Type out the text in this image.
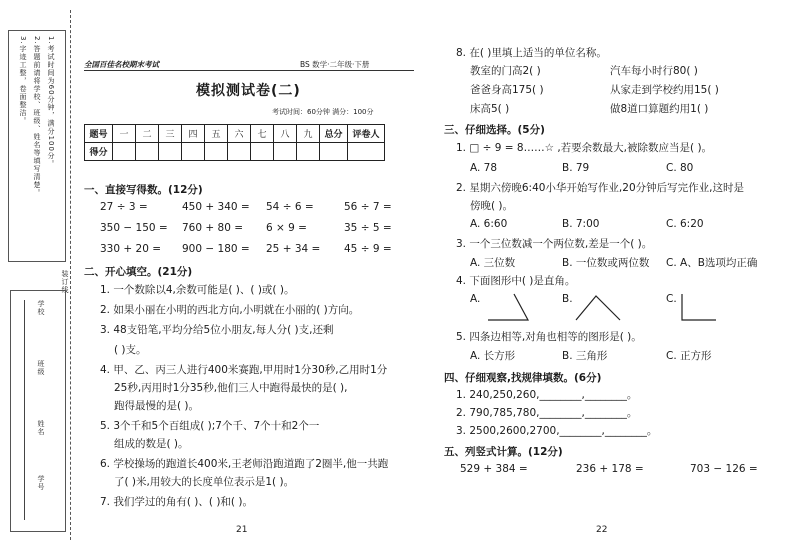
1.考试时间为60分钟，满分100分。
2.答题前请将学校、班级、姓名等填写清楚。
3.字迹工整，卷面整洁。
装订线
学校
班级
姓名
学号
全国百佳名校期末考试	BS 数学·二年级·下册
模拟测试卷(二)
考试时间：60分钟 满分：100分
题号	一	二	三	四	五	六	七	八	九	总分	评卷人
得分											
一、直接写得数。(12分)
27 ÷ 3 =	450 + 340 = 54 ÷ 6 =	56 ÷ 7 =
350 − 150 = 760 + 80 = 6 × 9 =	35 ÷ 5 =
330 + 20 = 900 − 180 = 25 + 34 = 45 ÷ 9 =
二、开心填空。(21分)
1. 一个数除以4,余数可能是( )、( )或( )。
2. 如果小丽在小明的西北方向,小明就在小丽的( )方向。
3. 48支铅笔,平均分给5位小朋友,每人分( )支,还剩
( )支。
4. 甲、乙、丙三人进行400米赛跑,甲用时1分30秒,乙用时1分
25秒,丙用时1分35秒,他们三人中跑得最快的是( ),
跑得最慢的是( )。
5. 3个千和5个百组成( );7个千、7个十和2个一
组成的数是( )。
6. 学校操场的跑道长400米,王老师沿跑道跑了2圈半,他一共跑
了( )米,用较大的长度单位表示是1( )。
7. 我们学过的角有( )、( )和( )。
21
8. 在( )里填上适当的单位名称。
教室的门高2( )	汽车每小时行80( )
爸爸身高175( )	从家走到学校约用15( )
床高5( )	做8道口算题约用1( )
三、仔细选择。(5分)
1. □ ÷ 9 = 8……☆ ,若要余数最大,被除数应当是( )。
A. 78	B. 79	C. 80
2. 星期六傍晚6:40小华开始写作业,20分钟后写完作业,这时是
傍晚( )。
A. 6:60	B. 7:00	C. 6:20
3. 一个三位数减一个两位数,差是一个( )。
A. 三位数	B. 一位数或两位数 C. A、B选项均正确
4. 下面图形中( )是直角。
A.	B.	C.
5. 四条边相等,对角也相等的图形是( )。
A. 长方形	B. 三角形	C. 正方形
四、仔细观察,找规律填数。(6分)
1. 240,250,260,________,________。
2. 790,785,780,________,________。
3. 2500,2600,2700,________,________。
五、列竖式计算。(12分)
529 + 384 =	236 + 178 =	703 − 126 =
22
